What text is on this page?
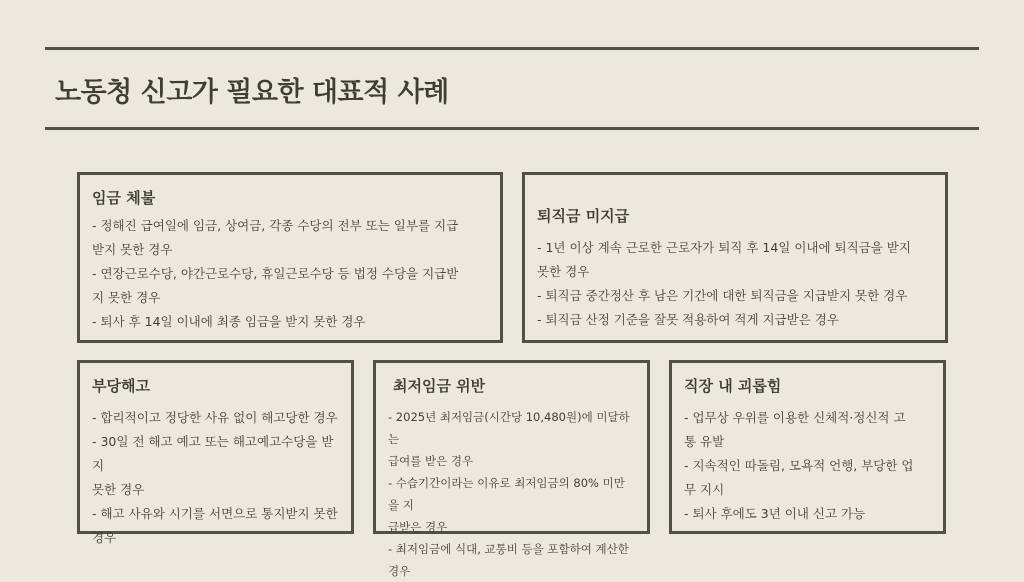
노동청 신고가 필요한 대표적 사례
임금 체불
- 정해진 급여일에 임금, 상여금, 각종 수당의 전부 또는 일부를 지급
받지 못한 경우
- 연장근로수당, 야간근로수당, 휴일근로수당 등 법정 수당을 지급받
지 못한 경우
- 퇴사 후 14일 이내에 최종 임금을 받지 못한 경우
퇴직금 미지급
- 1년 이상 계속 근로한 근로자가 퇴직 후 14일 이내에 퇴직금을 받지
못한 경우
- 퇴직금 중간정산 후 남은 기간에 대한 퇴직금을 지급받지 못한 경우
- 퇴직금 산정 기준을 잘못 적용하여 적게 지급받은 경우
부당해고
- 합리적이고 정당한 사유 없이 해고당한 경우
- 30일 전 해고 예고 또는 해고예고수당을 받지
못한 경우
- 해고 사유와 시기를 서면으로 통지받지 못한
경우
최저임금 위반
- 2025년 최저임금(시간당 10,480원)에 미달하는
급여를 받은 경우
- 수습기간이라는 이유로 최저임금의 80% 미만을 지
급받은 경우
- 최저임금에 식대, 교통비 등을 포함하여 계산한 경우
직장 내 괴롭힘
- 업무상 우위를 이용한 신체적·정신적 고
통 유발
- 지속적인 따돌림, 모욕적 언행, 부당한 업
무 지시
- 퇴사 후에도 3년 이내 신고 가능
